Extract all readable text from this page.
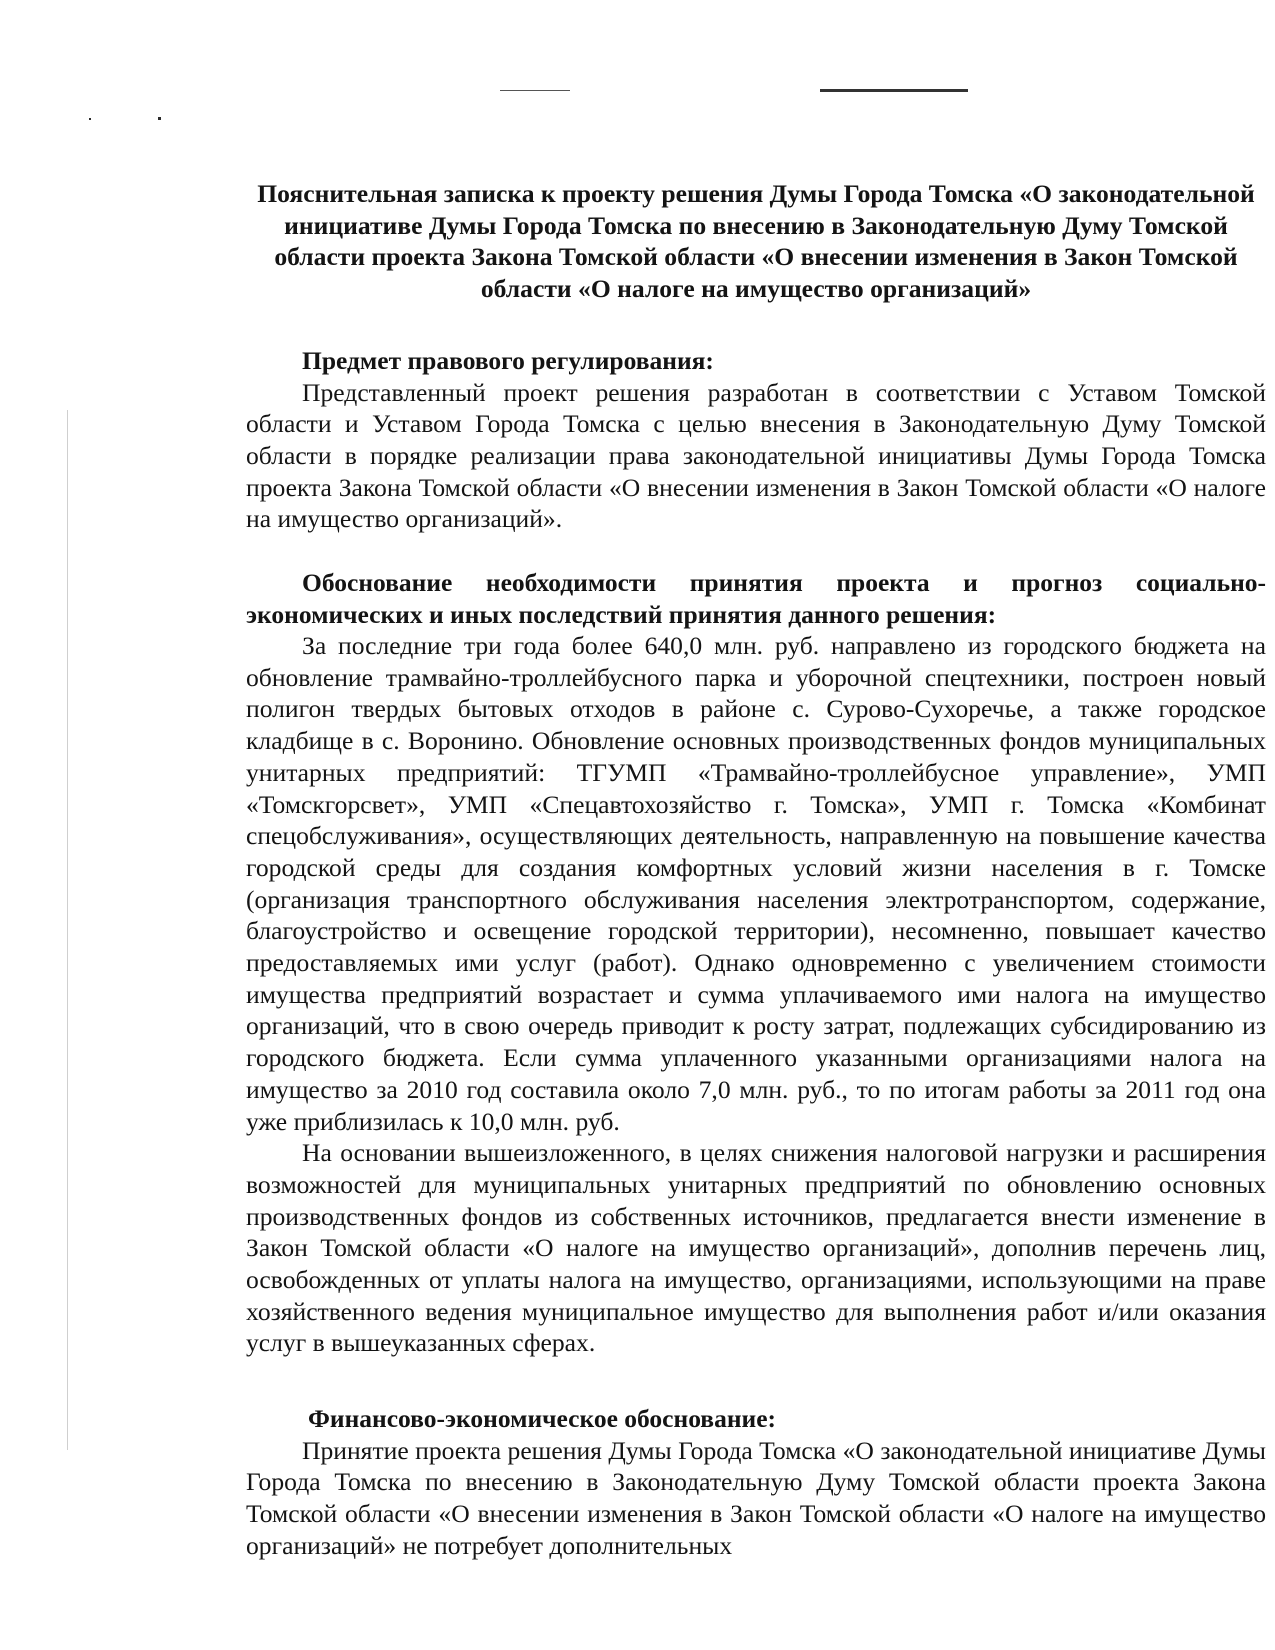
Пояснительная записка к проекту решения Думы Города Томска «О законодательной инициативе Думы Города Томска по внесению в Законодательную Думу Томской области проекта Закона Томской области «О внесении изменения в Закон Томской области «О налоге на имущество организаций»

Предмет правового регулирования:

Представленный проект решения разработан в соответствии с Уставом Томской области и Уставом Города Томска с целью внесения в Законодательную Думу Томской области в порядке реализации права законодательной инициативы Думы Города Томска проекта Закона Томской области «О внесении изменения в Закон Томской области «О налоге на имущество организаций».

Обоснование необходимости принятия проекта и прогноз социально-экономических и иных последствий принятия данного решения:

За последние три года более 640,0 млн. руб. направлено из городского бюджета на обновление трамвайно-троллейбусного парка и уборочной спецтехники, построен новый полигон твердых бытовых отходов в районе с. Сурово-Сухоречье, а также городское кладбище в с. Воронино. Обновление основных производственных фондов муниципальных унитарных предприятий: ТГУМП «Трамвайно-троллейбусное управление», УМП «Томскгорсвет», УМП «Спецавтохозяйство г. Томска», УМП г. Томска «Комбинат спецобслуживания», осуществляющих деятельность, направленную на повышение качества городской среды для создания комфортных условий жизни населения в г. Томске (организация транспортного обслуживания населения электротранспортом, содержание, благоустройство и освещение городской территории), несомненно, повышает качество предоставляемых ими услуг (работ). Однако одновременно с увеличением стоимости имущества предприятий возрастает и сумма уплачиваемого ими налога на имущество организаций, что в свою очередь приводит к росту затрат, подлежащих субсидированию из городского бюджета. Если сумма уплаченного указанными организациями налога на имущество за 2010 год составила около 7,0 млн. руб., то по итогам работы за 2011 год она уже приблизилась к 10,0 млн. руб.

На основании вышеизложенного, в целях снижения налоговой нагрузки и расширения возможностей для муниципальных унитарных предприятий по обновлению основных производственных фондов из собственных источников, предлагается внести изменение в Закон Томской области «О налоге на имущество организаций», дополнив перечень лиц, освобожденных от уплаты налога на имущество, организациями, использующими на праве хозяйственного ведения муниципальное имущество для выполнения работ и/или оказания услуг в вышеуказанных сферах.

Финансово-экономическое обоснование:

Принятие проекта решения Думы Города Томска «О законодательной инициативе Думы Города Томска по внесению в Законодательную Думу Томской области проекта Закона Томской области «О внесении изменения в Закон Томской области «О налоге на имущество организаций» не потребует дополнительных
